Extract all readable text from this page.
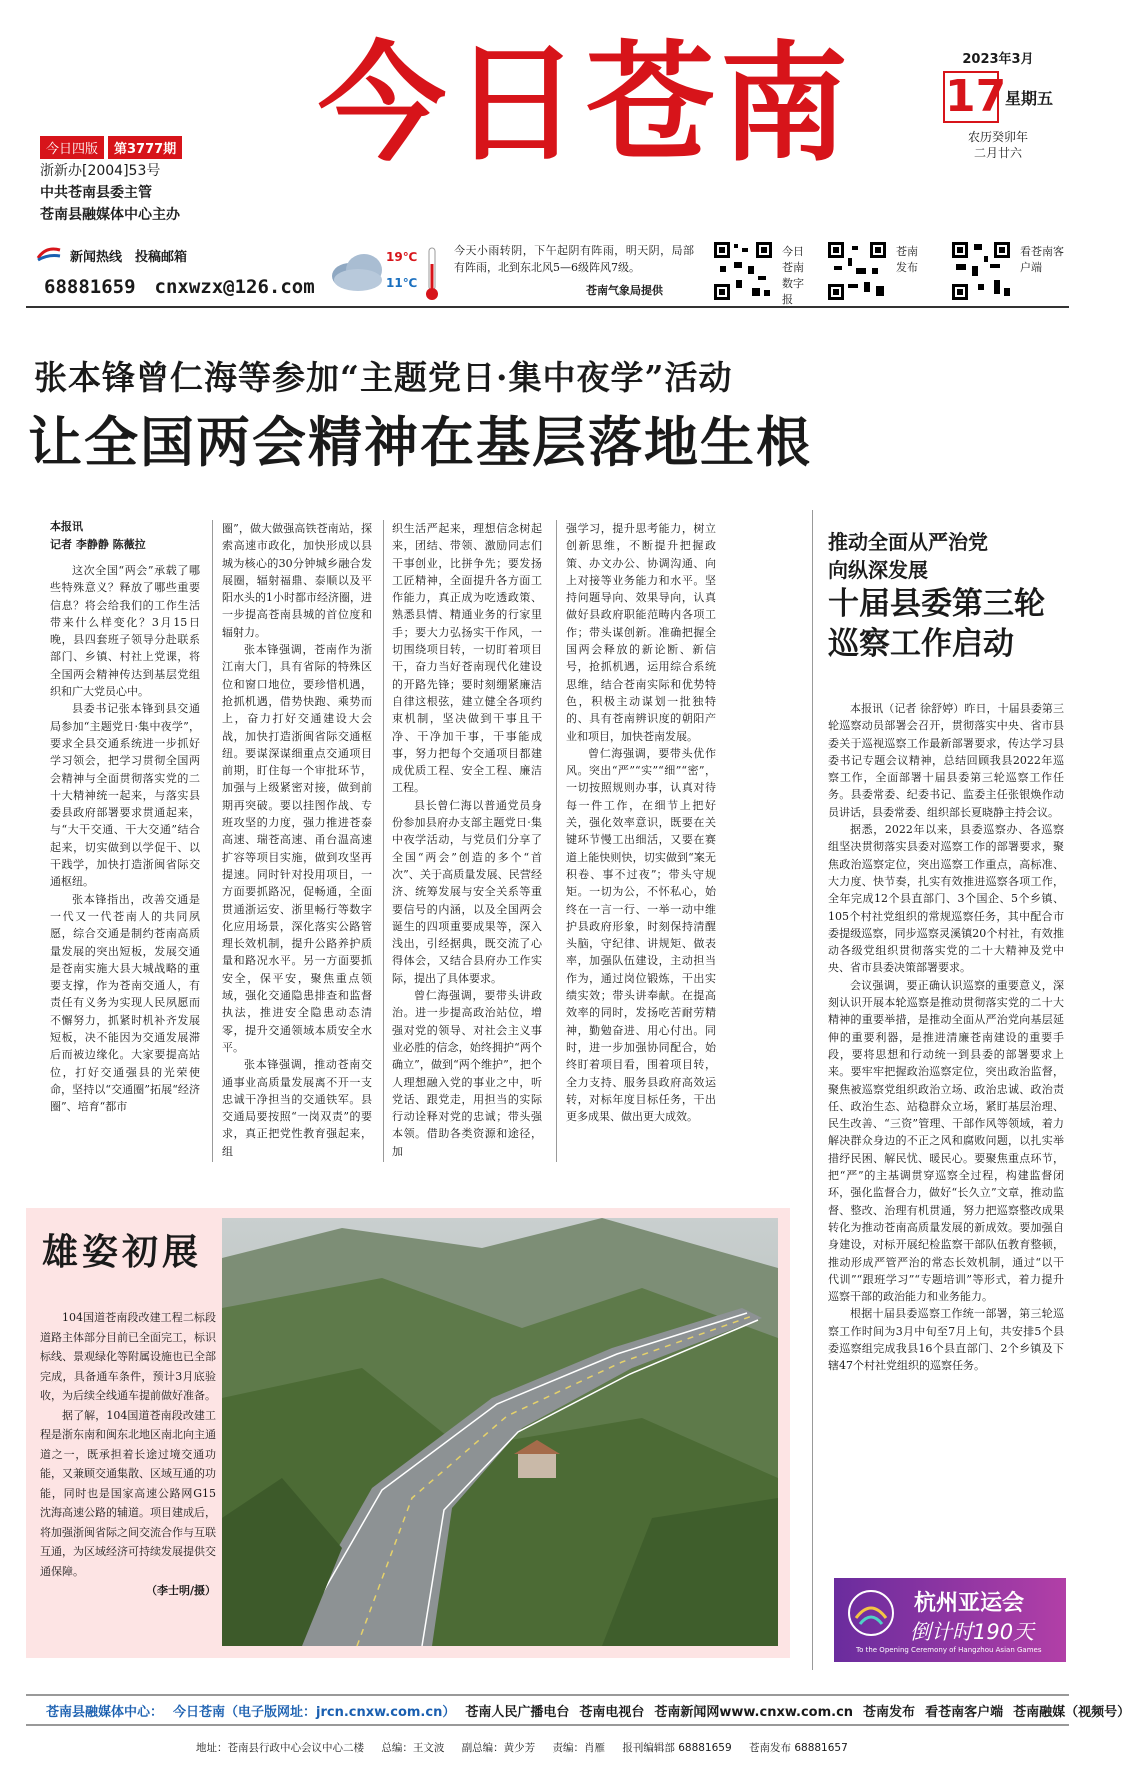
今日苍南
今日四版	第3777期
浙新办[2004]53号
中共苍南县委主管
苍南县融媒体中心主办
2023年3月
17
星期五
农历癸卯年
二月廿六
新闻热线　投稿邮箱
68881659　cnxwzx@126.com
19℃
11℃
今天小雨转阴，下午起阴有阵雨，明天阴，局部有阵雨，北到东北风5—6级阵风7级。
苍南气象局提供
今日苍南数字报
苍南发布
看苍南客户端
张本锋曾仁海等参加“主题党日·集中夜学”活动
让全国两会精神在基层落地生根
本报讯
记者 李静静 陈薇拉

这次全国“两会”承载了哪些特殊意义？释放了哪些重要信息？将会给我们的工作生活带来什么样变化？3月15日晚，县四套班子领导分赴联系部门、乡镇、村社上党课，将全国两会精神传达到基层党组织和广大党员心中。

县委书记张本锋到县交通局参加“主题党日·集中夜学”，要求全县交通系统进一步抓好学习领会，把学习贯彻全国两会精神与全面贯彻落实党的二十大精神统一起来，与落实县委县政府部署要求贯通起来，与“大干交通、干大交通”结合起来，切实做到以学促干、以干践学，加快打造浙闽省际交通枢纽。

张本锋指出，改善交通是一代又一代苍南人的共同夙愿，综合交通是制约苍南高质量发展的突出短板，发展交通是苍南实施大县大城战略的重要支撑，作为苍南交通人，有责任有义务为实现人民夙愿而不懈努力，抓紧时机补齐发展短板，决不能因为交通发展滞后而被边缘化。大家要提高站位，打好交通强县的光荣使命，坚持以“交通圈”拓展“经济圈”、培育“都市

圈”，做大做强高铁苍南站，探索高速市政化，加快形成以县城为核心的30分钟城乡融合发展圈，辐射福鼎、泰顺以及平阳水头的1小时都市经济圈，进一步提高苍南县城的首位度和辐射力。

张本锋强调，苍南作为浙江南大门，具有省际的特殊区位和窗口地位，要珍惜机遇，抢抓机遇，借势快跑、乘势而上，奋力打好交通建设大会战，加快打造浙闽省际交通枢纽。要谋深谋细重点交通项目前期，盯住每一个审批环节，加强与上级紧密对接，做到前期再突破。要以挂图作战、专班攻坚的力度，强力推进苍泰高速、瑞苍高速、甬台温高速扩容等项目实施，做到攻坚再提速。同时针对投用项目，一方面要抓路况，促畅通，全面贯通浙运安、浙里畅行等数字化应用场景，深化落实公路管理长效机制，提升公路养护质量和路况水平。另一方面要抓安全，保平安，聚焦重点领域，强化交通隐患排查和监督执法，推进安全隐患动态清零，提升交通领域本质安全水平。

张本锋强调，推动苍南交通事业高质量发展离不开一支忠诚干净担当的交通铁军。县交通局要按照“一岗双责”的要求，真正把党性教育强起来，组

织生活严起来，理想信念树起来，团结、带领、激励同志们干事创业，比拼争先；要发扬工匠精神，全面提升各方面工作能力，真正成为吃透政策、熟悉县情、精通业务的行家里手；要大力弘扬实干作风，一切围绕项目转，一切盯着项目干，奋力当好苍南现代化建设的开路先锋；要时刻绷紧廉洁自律这根弦，建立健全各项约束机制，坚决做到干事且干净、干净加干事，干事能成事，努力把每个交通项目都建成优质工程、安全工程、廉洁工程。

县长曾仁海以普通党员身份参加县府办支部主题党日·集中夜学活动，与党员们分享了全国“两会”创造的多个“首次”、关于高质量发展、民营经济、统筹发展与安全关系等重要信号的内涵，以及全国两会诞生的四项重要成果等，深入浅出，引经据典，既交流了心得体会，又结合县府办工作实际，提出了具体要求。

曾仁海强调，要带头讲政治。进一步提高政治站位，增强对党的领导、对社会主义事业必胜的信念，始终拥护“两个确立”，做到“两个维护”，把个人理想融入党的事业之中，听党话、跟党走，用担当的实际行动诠释对党的忠诚；带头强本领。借助各类资源和途径，加

强学习，提升思考能力，树立创新思维，不断提升把握政策、办文办公、协调沟通、向上对接等业务能力和水平。坚持问题导向、效果导向，认真做好县政府职能范畴内各项工作；带头谋创新。准确把握全国两会释放的新论断、新信号，抢抓机遇，运用综合系统思维，结合苍南实际和优势特色，积极主动谋划一批独特的、具有苍南辨识度的朝阳产业和项目，加快苍南发展。

曾仁海强调，要带头优作风。突出“严”“实”“细”“密”，一切按照规则办事，认真对待每一件工作，在细节上把好关，强化效率意识，既要在关键环节慢工出细活，又要在赛道上能快则快，切实做到“案无积卷、事不过夜”；带头守规矩。一切为公，不怀私心，始终在一言一行、一举一动中维护县政府形象，时刻保持清醒头脑，守纪律、讲规矩、做表率，加强队伍建设，主动担当作为，通过岗位锻炼，干出实绩实效；带头讲奉献。在提高效率的同时，发扬吃苦耐劳精神，勤勉奋进、用心付出。同时，进一步加强协同配合，始终盯着项目看，围着项目转，全力支持、服务县政府高效运转，对标年度目标任务，干出更多成果、做出更大成效。

推动全面从严治党
向纵深发展
十届县委第三轮
巡察工作启动

本报讯（记者 徐舒婷）昨日，十届县委第三轮巡察动员部署会召开，贯彻落实中央、省市县委关于巡视巡察工作最新部署要求，传达学习县委书记专题会议精神，总结回顾我县2022年巡察工作，全面部署十届县委第三轮巡察工作任务。县委常委、纪委书记、监委主任张银焕作动员讲话，县委常委、组织部长夏晓静主持会议。

据悉，2022年以来，县委巡察办、各巡察组坚决贯彻落实县委对巡察工作的部署要求，聚焦政治巡察定位，突出巡察工作重点，高标准、大力度、快节奏，扎实有效推进巡察各项工作，全年完成12个县直部门、3个国企、5个乡镇、105个村社党组织的常规巡察任务，其中配合市委提级巡察，同步巡察灵溪镇20个村社，有效推动各级党组织贯彻落实党的二十大精神及党中央、省市县委决策部署要求。

会议强调，要正确认识巡察的重要意义，深刻认识开展本轮巡察是推动贯彻落实党的二十大精神的重要举措，是推动全面从严治党向基层延伸的重要利器，是推进清廉苍南建设的重要手段，要将思想和行动统一到县委的部署要求上来。要牢牢把握政治巡察定位，突出政治监督，聚焦被巡察党组织政治立场、政治忠诚、政治责任、政治生态、站稳群众立场，紧盯基层治理、民生改善、“三资”管理、干部作风等领域，着力解决群众身边的不正之风和腐败问题，以扎实举措纾民困、解民忧、暖民心。要聚焦重点环节，把“严”的主基调贯穿巡察全过程，构建监督闭环，强化监督合力，做好“长久立”文章，推动监督、整改、治理有机贯通，努力把巡察整改成果转化为推动苍南高质量发展的新成效。要加强自身建设，对标开展纪检监察干部队伍教育整顿，推动形成严管严治的常态长效机制，通过“以干代训”“跟班学习”“专题培训”等形式，着力提升巡察干部的政治能力和业务能力。

根据十届县委巡察工作统一部署，第三轮巡察工作时间为3月中旬至7月上旬，共安排5个县委巡察组完成我县16个县直部门、2个乡镇及下辖47个村社党组织的巡察任务。

雄姿初展

104国道苍南段改建工程二标段道路主体部分目前已全面完工，标识标线、景观绿化等附属设施也已全部完成，具备通车条件，预计3月底验收，为后续全线通车提前做好准备。

据了解，104国道苍南段改建工程是浙东南和闽东北地区南北向主通道之一，既承担着长途过境交通功能，又兼顾交通集散、区域互通的功能，同时也是国家高速公路网G15沈海高速公路的辅道。项目建成后，将加强浙闽省际之间交流合作与互联互通，为区域经济可持续发展提供交通保障。

（李士明/摄）
杭州亚运会
倒计时190天
To the Opening Ceremony of Hangzhou Asian Games
苍南县融媒体中心： 今日苍南（电子版网址：jrcn.cnxw.com.cn） 苍南人民广播电台 苍南电视台 苍南新闻网www.cnxw.com.cn 苍南发布 看苍南客户端 苍南融媒（视频号）
地址：苍南县行政中心会议中心二楼 总编：王文波 副总编：黄少芳 责编：肖雁 报刊编辑部 68881659 苍南发布 68881657
